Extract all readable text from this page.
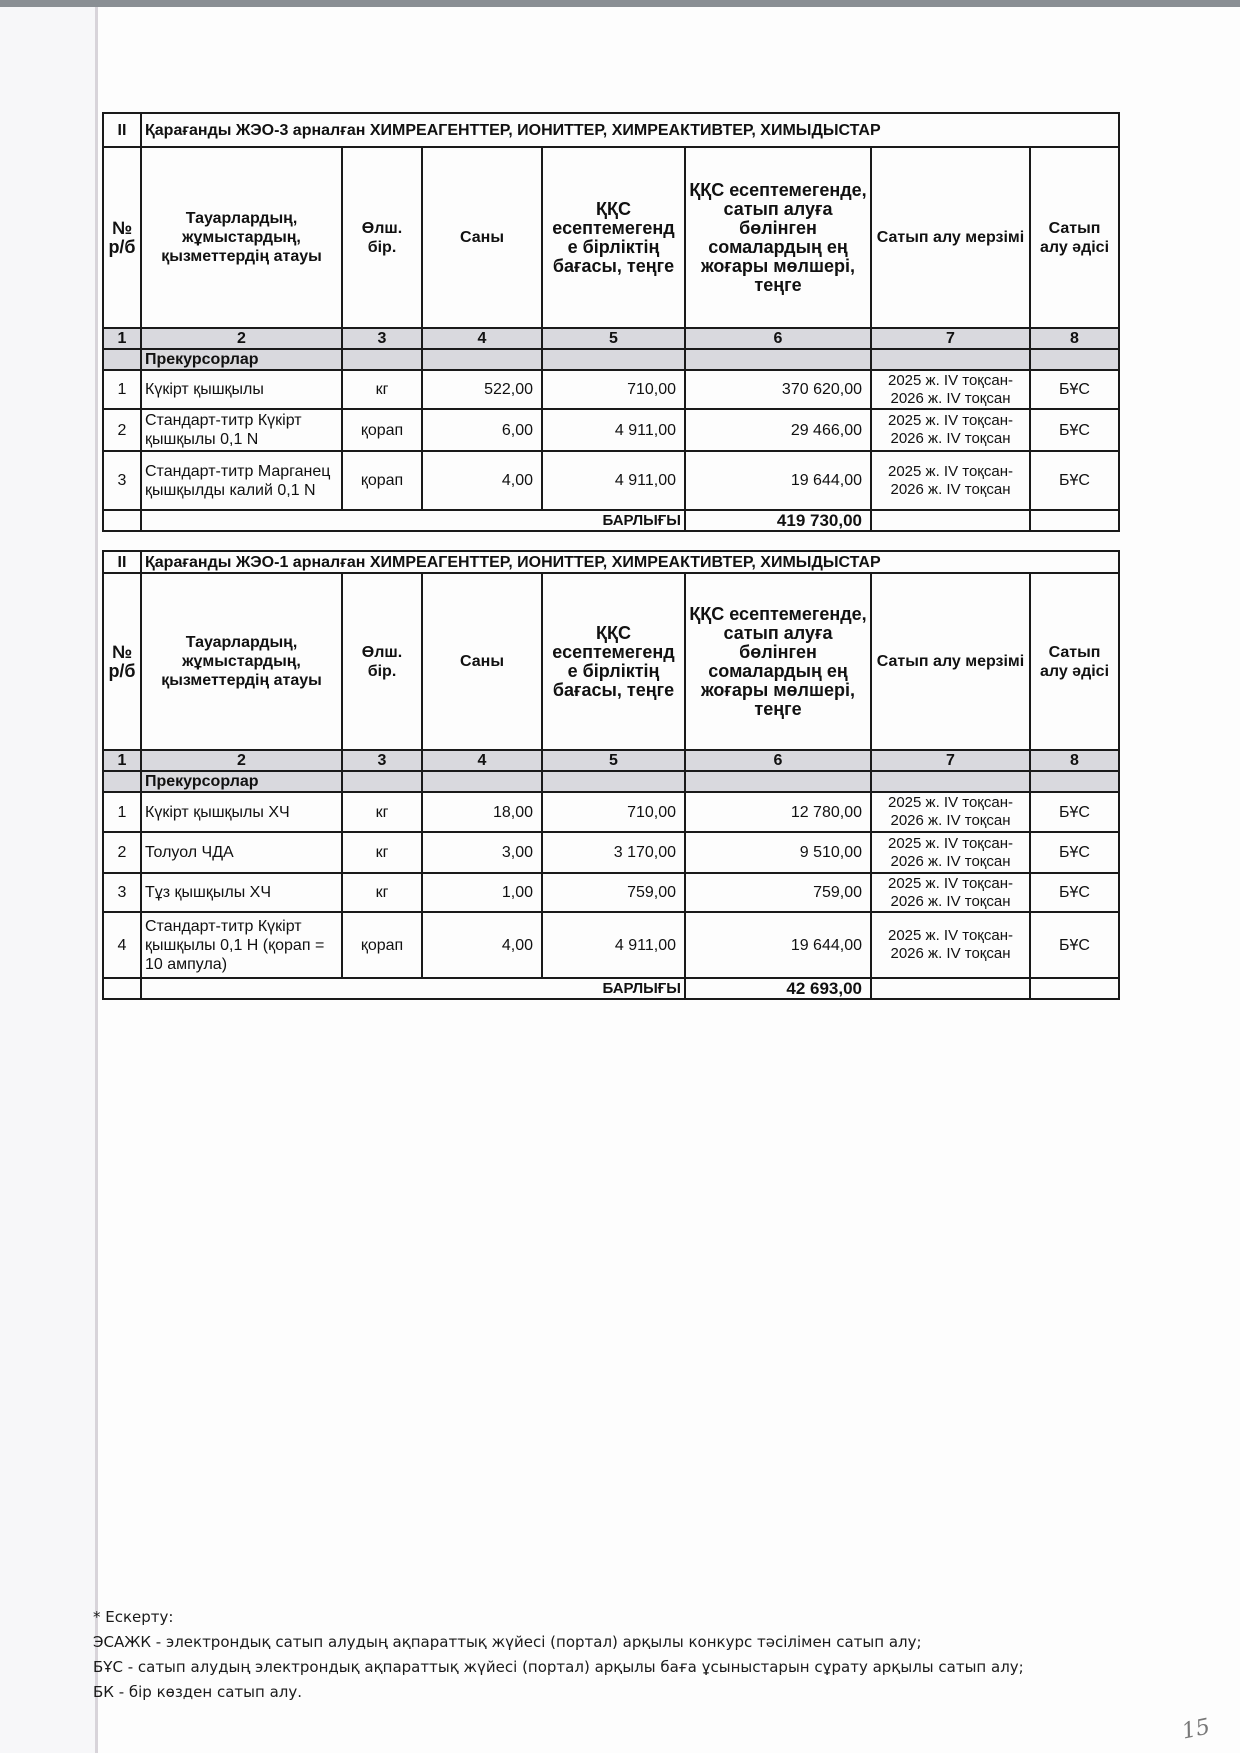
II	Қарағанды ЖЭО-3 арналған ХИМРЕАГЕНТТЕР, ИОНИТТЕР, ХИМРЕАКТИВТЕР, ХИМЫДЫСТАР						
№ р/б	Тауарлардың, жұмыстардың, қызметтердің атауы	Өлш. бір.	Саны	ҚҚС есептемегенд е бірліктің бағасы, теңге	ҚҚС есептемегенде, сатып алуға бөлінген сомалардың ең жоғары мөлшері, теңге	Сатып алу мерзімі	Сатып алу әдісі
1	2	3	4	5	6	7	8
	Прекурсорлар						
1	Күкірт қышқылы	кг	522,00	710,00	370 620,00	2025 ж. IV тоқсан- 2026 ж. IV тоқсан	БҰС
2	Стандарт-титр Күкірт қышқылы 0,1 N	қорап	6,00	4 911,00	29 466,00	2025 ж. IV тоқсан- 2026 ж. IV тоқсан	БҰС
3	Стандарт-титр Марганец қышқылды калий 0,1 N	қорап	4,00	4 911,00	19 644,00	2025 ж. IV тоқсан- 2026 ж. IV тоқсан	БҰС
	БАРЛЫҒЫ				419 730,00		
II	Қарағанды ЖЭО-1 арналған ХИМРЕАГЕНТТЕР, ИОНИТТЕР, ХИМРЕАКТИВТЕР, ХИМЫДЫСТАР						
№ р/б	Тауарлардың, жұмыстардың, қызметтердің атауы	Өлш. бір.	Саны	ҚҚС есептемегенд е бірліктің бағасы, теңге	ҚҚС есептемегенде, сатып алуға бөлінген сомалардың ең жоғары мөлшері, теңге	Сатып алу мерзімі	Сатып алу әдісі
1	2	3	4	5	6	7	8
	Прекурсорлар						
1	Күкірт қышқылы ХЧ	кг	18,00	710,00	12 780,00	2025 ж. IV тоқсан- 2026 ж. IV тоқсан	БҰС
2	Толуол ЧДА	кг	3,00	3 170,00	9 510,00	2025 ж. IV тоқсан- 2026 ж. IV тоқсан	БҰС
3	Тұз қышқылы ХЧ	кг	1,00	759,00	759,00	2025 ж. IV тоқсан- 2026 ж. IV тоқсан	БҰС
4	Стандарт-титр Күкірт қышқылы 0,1 Н (қорап = 10 ампула)	қорап	4,00	4 911,00	19 644,00	2025 ж. IV тоқсан- 2026 ж. IV тоқсан	БҰС
	БАРЛЫҒЫ				42 693,00		
* Ескерту:
ЭСАЖК - электрондық сатып алудың ақпараттық жүйесі (портал) арқылы конкурс тәсілімен сатып алу;
БҰС - сатып алудың электрондық ақпараттық жүйесі (портал) арқылы баға ұсыныстарын сұрату арқылы сатып алу;
БК - бір көзден сатып алу.
15
